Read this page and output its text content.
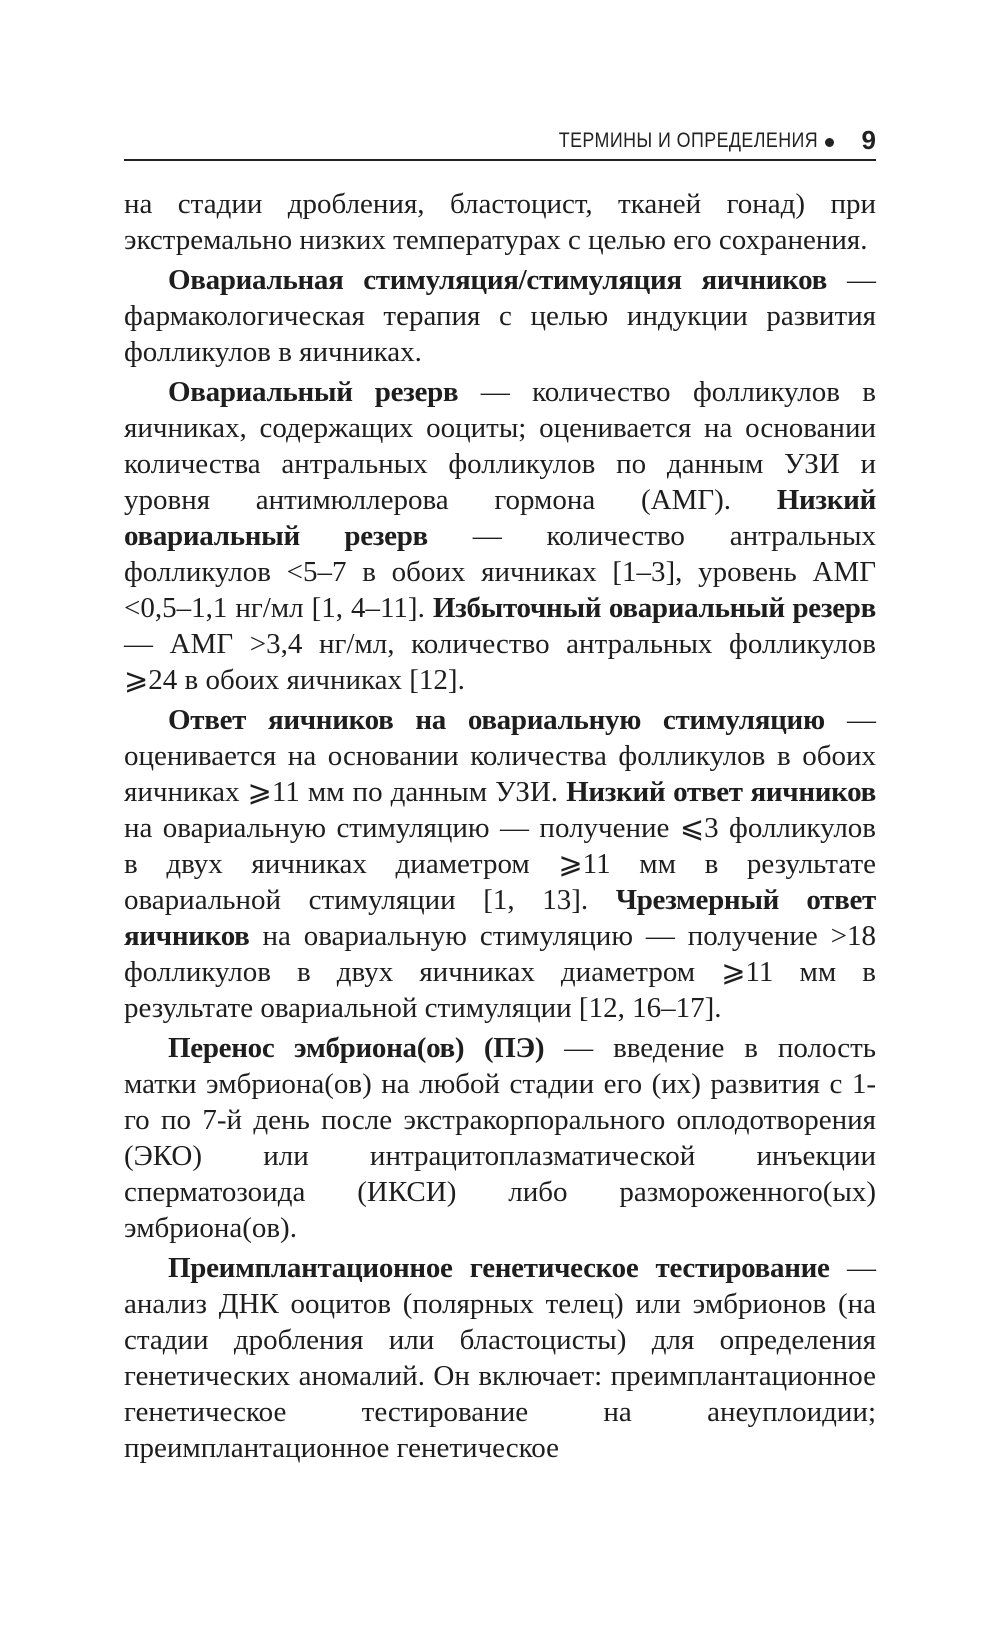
ТЕРМИНЫ И ОПРЕДЕЛЕНИЯ 9

на стадии дробления, бластоцист, тканей гонад) при экстремально низких температурах с целью его сохранения.

Овариальная стимуляция/стимуляция яичников — фармакологическая терапия с целью индукции развития фолликулов в яичниках.

Овариальный резерв — количество фолликулов в яичниках, содержащих ооциты; оценивается на основании количества антральных фолликулов по данным УЗИ и уровня антимюллерова гормона (АМГ). Низкий овариальный резерв — количество антральных фолликулов <5–7 в обоих яичниках [1–3], уровень АМГ <0,5–1,1 нг/мл [1, 4–11]. Избыточный овариальный резерв — АМГ >3,4 нг/мл, количество антральных фолликулов ⩾24 в обоих яичниках [12].

Ответ яичников на овариальную стимуляцию — оценивается на основании количества фолликулов в обоих яичниках ⩾11 мм по данным УЗИ. Низкий ответ яичников на овариальную стимуляцию — получение ⩽3 фолликулов в двух яичниках диаметром ⩾11 мм в результате овариальной стимуляции [1, 13]. Чрезмерный ответ яичников на овариальную стимуляцию — получение >18 фолликулов в двух яичниках диаметром ⩾11 мм в результате овариальной стимуляции [12, 16–17].

Перенос эмбриона(ов) (ПЭ) — введение в полость матки эмбриона(ов) на любой стадии его (их) развития с 1-го по 7-й день после экстракорпорального оплодотворения (ЭКО) или интрацитоплазматической инъекции сперматозоида (ИКСИ) либо размороженного(ых) эмбриона(ов).

Преимплантационное генетическое тестирование — анализ ДНК ооцитов (полярных телец) или эмбрионов (на стадии дробления или бластоцисты) для определения генетических аномалий. Он включает: преимплантационное генетическое тестирование на анеуплоидии; преимплантационное генетическое
